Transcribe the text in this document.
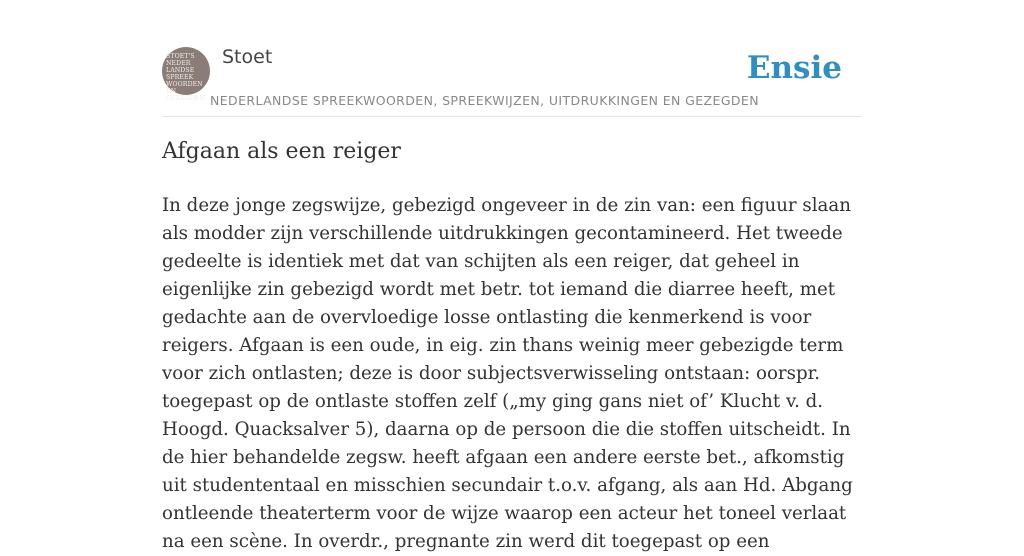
STOET'S
NEDER
LANDSE
SPREEK
WOORDEN EN
GEZEGDEN
Stoet
NEDERLANDSE SPREEKWOORDEN, SPREEKWIJZEN, UITDRUKKINGEN EN GEZEGDEN
Ensie
Afgaan als een reiger

In deze jonge zegswijze, gebezigd ongeveer in de zin van: een figuur slaan als modder zijn verschillende uitdrukkingen gecontamineerd. Het tweede gedeelte is identiek met dat van schijten als een reiger, dat geheel in eigenlijke zin gebezigd wordt met betr. tot iemand die diarree heeft, met gedachte aan de overvloedige losse ontlasting die kenmerkend is voor reigers. Afgaan is een oude, in eig. zin thans weinig meer gebezigde term voor zich ontlasten; deze is door subjectsverwisseling ontstaan: oorspr. toegepast op de ontlaste stoffen zelf („my ging gans niet of’ Klucht v. d. Hoogd. Quacksalver 5), daarna op de persoon die die stoffen uitscheidt. In de hier behandelde zegsw. heeft afgaan een andere eerste bet., afkomstig uit studententaal en misschien secundair t.o.v. afgang, als aan Hd. Abgang ontleende theaterterm voor de wijze waarop een acteur het toneel verlaat na een scène. In overdr., pregnante zin werd dit toegepast op een
